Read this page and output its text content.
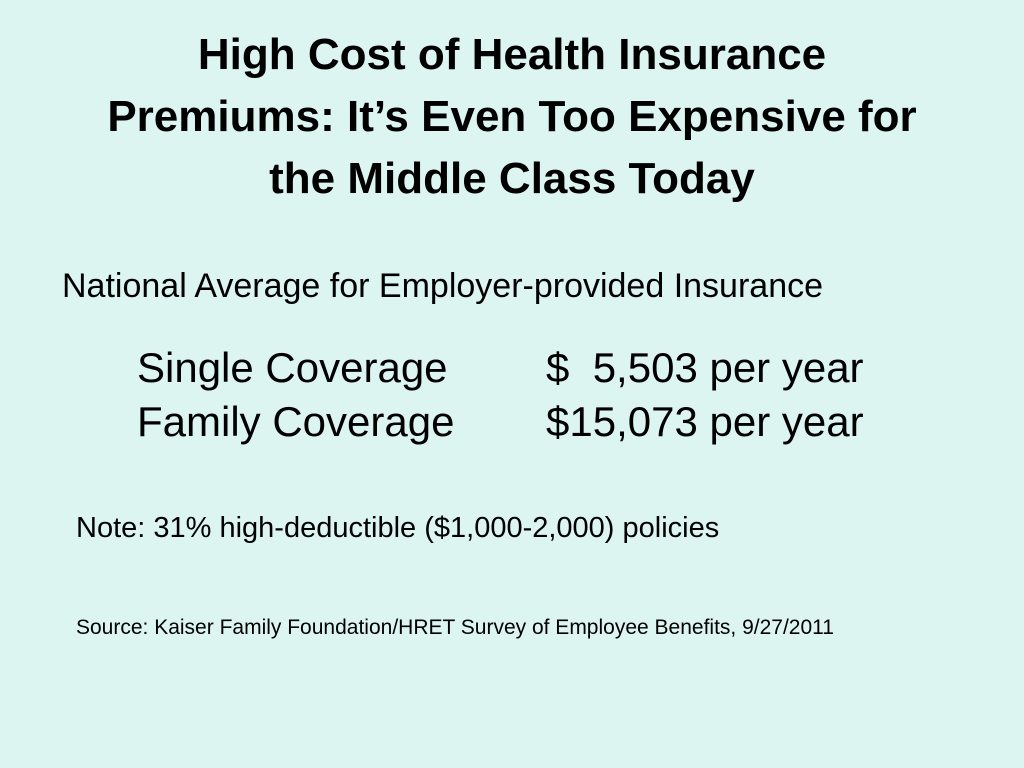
High Cost of Health Insurance
Premiums: It’s Even Too Expensive for
the Middle Class Today
National Average for Employer-provided Insurance
Single Coverage $  5,503 per year
Family Coverage $15,073 per year
Note: 31% high-deductible ($1,000-2,000) policies
Source: Kaiser Family Foundation/HRET Survey of Employee Benefits, 9/27/2011
